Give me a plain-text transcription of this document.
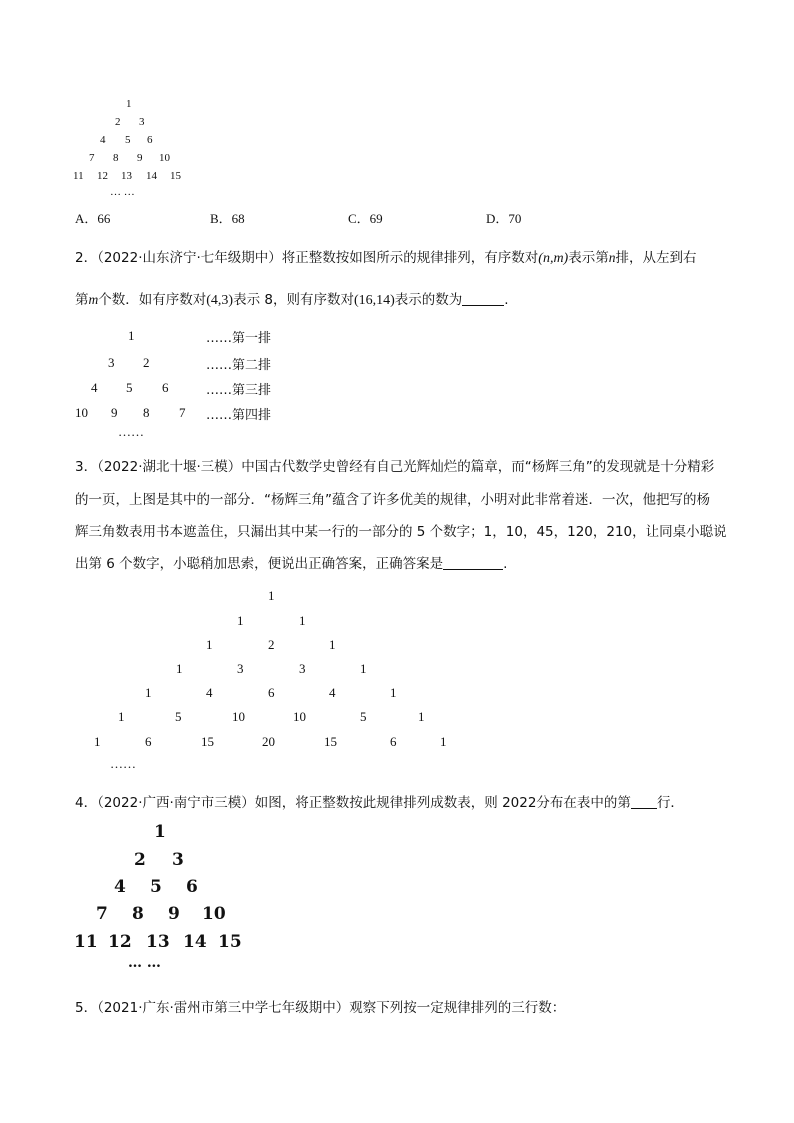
1
2 3
4 5 6
7 8 9 10
11 12 13 14 15
… …
A．66	B．68	C．69	D．70
2．（2022·山东济宁·七年级期中）将正整数按如图所示的规律排列，有序数对(n,m)表示第n排，从左到右
第m个数．如有序数对(4,3)表示 8，则有序数对(16,14)表示的数为	.
1	……第一排
3 2	……第二排
4 5 6	……第三排
10 9 8 7 ……第四排
……
3．（2022·湖北十堰·三模）中国古代数学史曾经有自己光辉灿烂的篇章，而“杨辉三角”的发现就是十分精彩
的一页，上图是其中的一部分．“杨辉三角”蕴含了许多优美的规律，小明对此非常着迷．一次，他把写的杨
辉三角数表用书本遮盖住，只漏出其中某一行的一部分的 5 个数字；1，10，45，120，210，让同桌小聪说
出第 6 个数字，小聪稍加思索，便说出正确答案，正确答案是	.
1
1	1
1	2	1
1	3	3	1
1	4	6	4	1
1	5	10	10	5	1
1	6	15	20	15	6	1
……
4．（2022·广西·南宁市三模）如图，将正整数按此规律排列成数表，则 2022分布在表中的第 行．
1
2 3
4 5 6
7 8 9 10
11 12 13 14 15
… …
5．（2021·广东·雷州市第三中学七年级期中）观察下列按一定规律排列的三行数：
